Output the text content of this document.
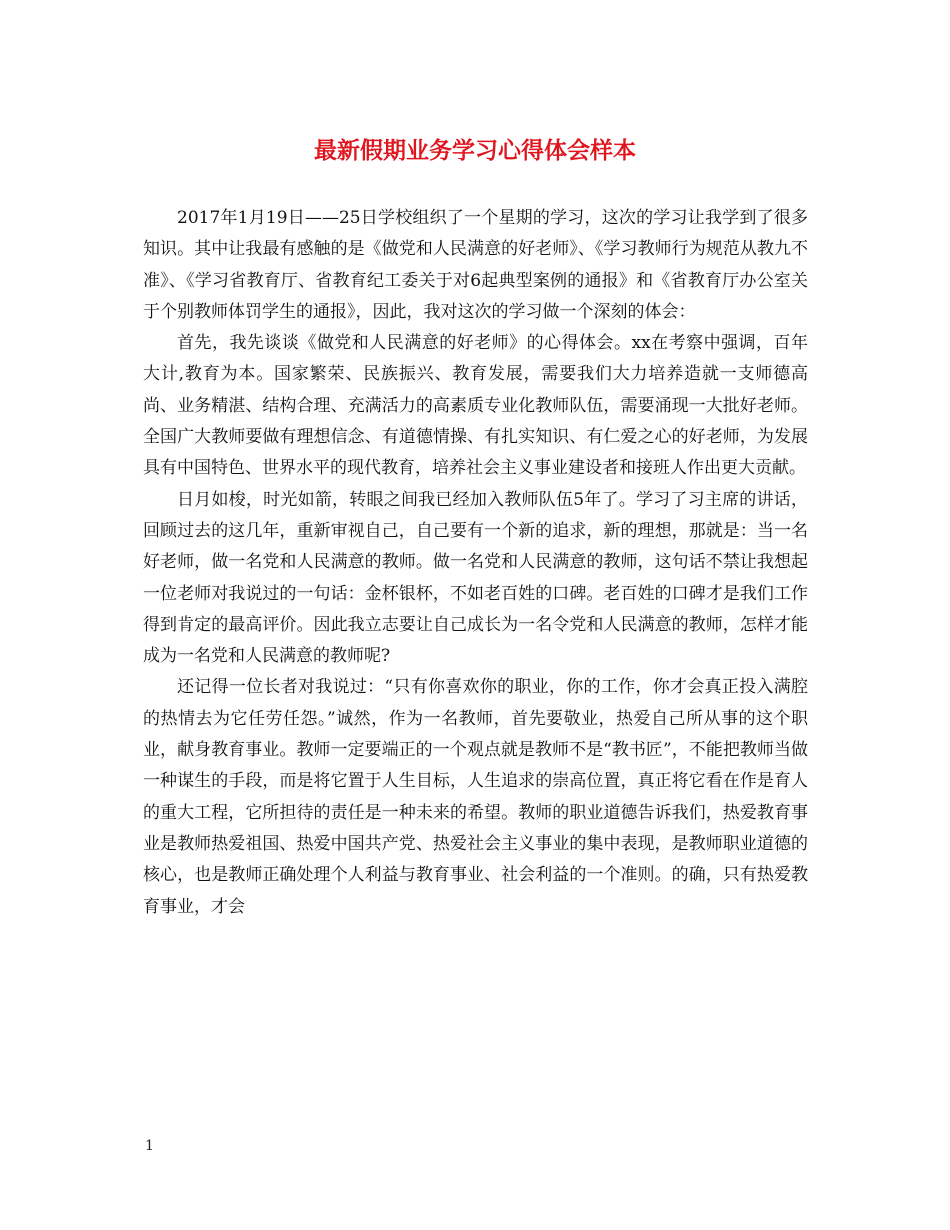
最新假期业务学习心得体会样本

2017年1月19日——25日学校组织了一个星期的学习，这次的学习让我学到了很多知识。其中让我最有感触的是《做党和人民满意的好老师》、《学习教师行为规范从教九不准》、《学习省教育厅、省教育纪工委关于对6起典型案例的通报》和《省教育厅办公室关于个别教师体罚学生的通报》，因此，我对这次的学习做一个深刻的体会：

首先，我先谈谈《做党和人民满意的好老师》的心得体会。xx在考察中强调，百年大计,教育为本。国家繁荣、民族振兴、教育发展，需要我们大力培养造就一支师德高尚、业务精湛、结构合理、充满活力的高素质专业化教师队伍，需要涌现一大批好老师。全国广大教师要做有理想信念、有道德情操、有扎实知识、有仁爱之心的好老师，为发展具有中国特色、世界水平的现代教育，培养社会主义事业建设者和接班人作出更大贡献。

日月如梭，时光如箭，转眼之间我已经加入教师队伍5年了。学习了习主席的讲话，回顾过去的这几年，重新审视自己，自己要有一个新的追求，新的理想，那就是：当一名好老师，做一名党和人民满意的教师。做一名党和人民满意的教师，这句话不禁让我想起一位老师对我说过的一句话：金杯银杯，不如老百姓的口碑。老百姓的口碑才是我们工作得到肯定的最高评价。因此我立志要让自己成长为一名令党和人民满意的教师，怎样才能成为一名党和人民满意的教师呢?

还记得一位长者对我说过：“只有你喜欢你的职业，你的工作，你才会真正投入满腔的热情去为它任劳任怨。”诚然，作为一名教师，首先要敬业，热爱自己所从事的这个职业，献身教育事业。教师一定要端正的一个观点就是教师不是“教书匠”，不能把教师当做一种谋生的手段，而是将它置于人生目标，人生追求的崇高位置，真正将它看在作是育人的重大工程，它所担待的责任是一种未来的希望。教师的职业道德告诉我们，热爱教育事业是教师热爱祖国、热爱中国共产党、热爱社会主义事业的集中表现，是教师职业道德的核心，也是教师正确处理个人利益与教育事业、社会利益的一个准则。的确，只有热爱教育事业，才会

1
